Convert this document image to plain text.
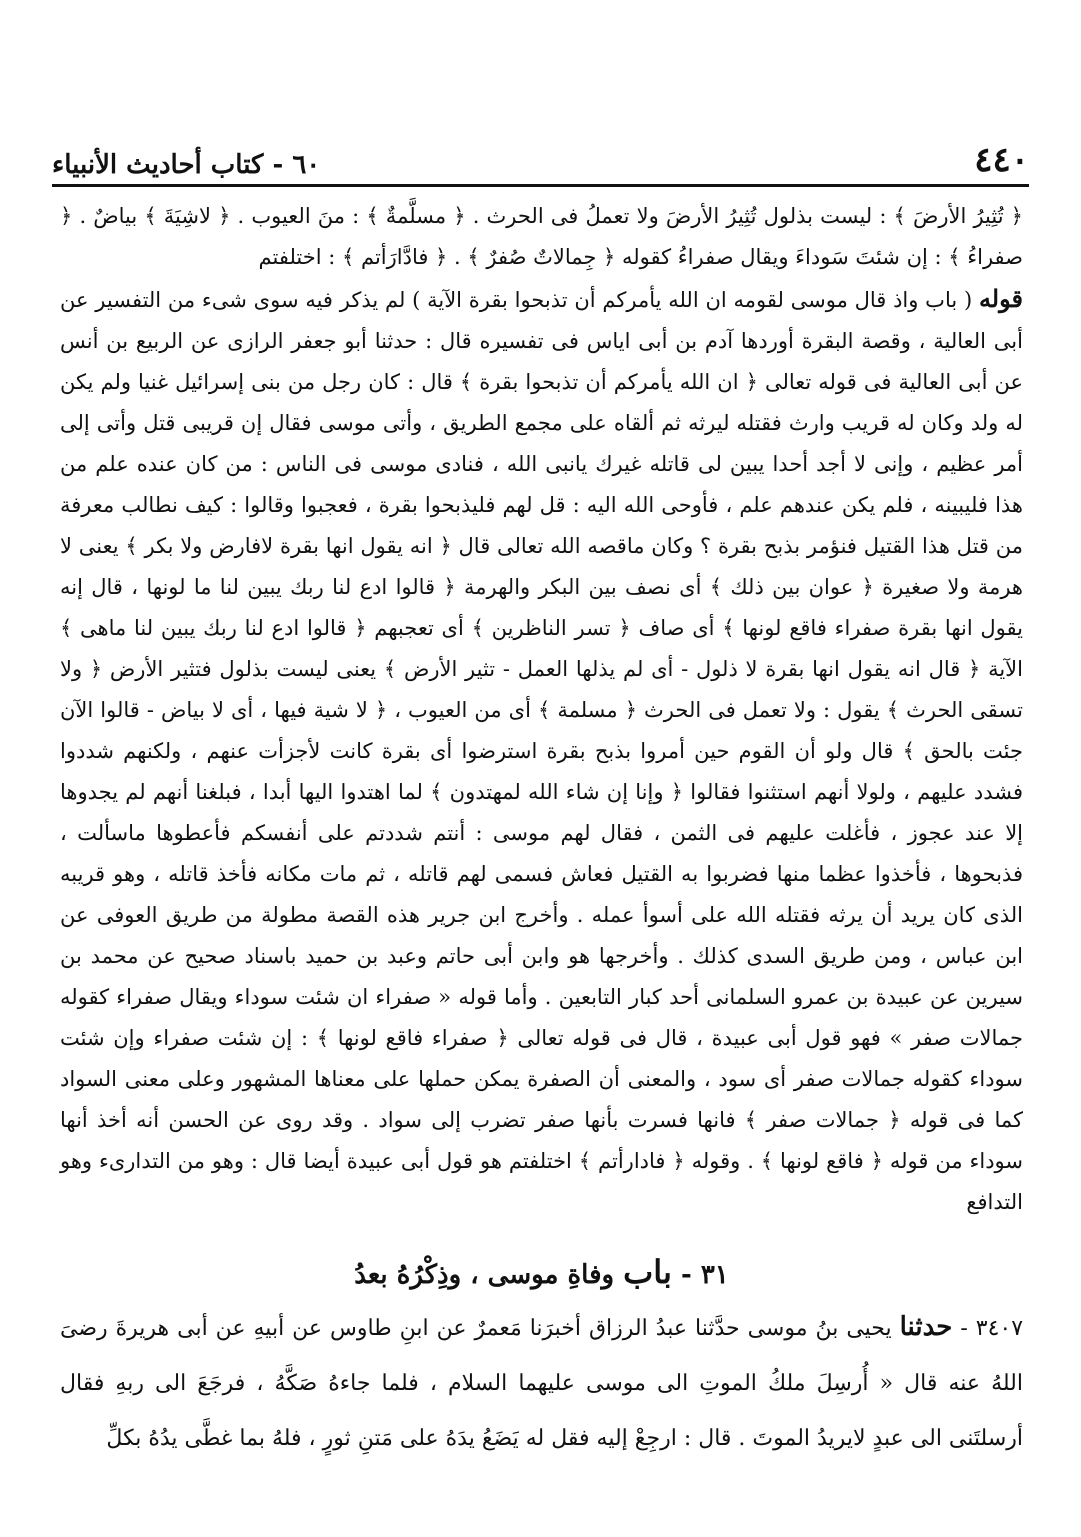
٤٤٠
٦٠ - كتاب أحاديث الأنبياء

﴿ تُثِيرُ الأرضَ ﴾ : ليست بذلول تُثِيرُ الأرضَ ولا تعملُ فى الحرث . ﴿ مسلَّمةٌ ﴾ : منَ العيوب . ﴿ لاشِيَةَ ﴾ بياضٌ . ﴿ صفراءُ ﴾ : إن شئتَ سَوداءَ ويقال صفراءُ كقوله ﴿ جِمالاتٌ صُفرٌ ﴾ . ﴿ فادَّارَأتم ﴾ : اختلفتم

قوله ( باب واذ قال موسى لقومه ان الله يأمركم أن تذبحوا بقرة الآية ) لم يذكر فيه سوى شىء من التفسير عن أبى العالية ، وقصة البقرة أوردها آدم بن أبى اياس فى تفسيره قال : حدثنا أبو جعفر الرازى عن الربيع بن أنس عن أبى العالية فى قوله تعالى ﴿ ان الله يأمركم أن تذبحوا بقرة ﴾ قال : كان رجل من بنى إسرائيل غنيا ولم يكن له ولد وكان له قريب وارث فقتله ليرثه ثم ألقاه على مجمع الطريق ، وأتى موسى فقال إن قريبى قتل وأتى إلى أمر عظيم ، وإنى لا أجد أحدا يبين لى قاتله غيرك يانبى الله ، فنادى موسى فى الناس : من كان عنده علم من هذا فليبينه ، فلم يكن عندهم علم ، فأوحى الله اليه : قل لهم فليذبحوا بقرة ، فعجبوا وقالوا : كيف نطالب معرفة من قتل هذا القتيل فنؤمر بذبح بقرة ؟ وكان ماقصه الله تعالى قال ﴿ انه يقول انها بقرة لافارض ولا بكر ﴾ يعنى لا هرمة ولا صغيرة ﴿ عوان بين ذلك ﴾ أى نصف بين البكر والهرمة ﴿ قالوا ادع لنا ربك يبين لنا ما لونها ، قال إنه يقول انها بقرة صفراء فاقع لونها ﴾ أى صاف ﴿ تسر الناظرين ﴾ أى تعجبهم ﴿ قالوا ادع لنا ربك يبين لنا ماهى ﴾ الآية ﴿ قال انه يقول انها بقرة لا ذلول - أى لم يذلها العمل - تثير الأرض ﴾ يعنى ليست بذلول فتثير الأرض ﴿ ولا تسقى الحرث ﴾ يقول : ولا تعمل فى الحرث ﴿ مسلمة ﴾ أى من العيوب ، ﴿ لا شية فيها ، أى لا بياض - قالوا الآن جئت بالحق ﴾ قال ولو أن القوم حين أمروا بذبح بقرة استرضوا أى بقرة كانت لأجزأت عنهم ، ولكنهم شددوا فشدد عليهم ، ولولا أنهم استثنوا فقالوا ﴿ وإنا إن شاء الله لمهتدون ﴾ لما اهتدوا اليها أبدا ، فبلغنا أنهم لم يجدوها إلا عند عجوز ، فأغلت عليهم فى الثمن ، فقال لهم موسى : أنتم شددتم على أنفسكم فأعطوها ماسألت ، فذبحوها ، فأخذوا عظما منها فضربوا به القتيل فعاش فسمى لهم قاتله ، ثم مات مكانه فأخذ قاتله ، وهو قريبه الذى كان يريد أن يرثه فقتله الله على أسوأ عمله . وأخرج ابن جرير هذه القصة مطولة من طريق العوفى عن ابن عباس ، ومن طريق السدى كذلك . وأخرجها هو وابن أبى حاتم وعبد بن حميد باسناد صحيح عن محمد بن سيرين عن عبيدة بن عمرو السلمانى أحد كبار التابعين . وأما قوله « صفراء ان شئت سوداء ويقال صفراء كقوله جمالات صفر » فهو قول أبى عبيدة ، قال فى قوله تعالى ﴿ صفراء فاقع لونها ﴾ : إن شئت صفراء وإن شئت سوداء كقوله جمالات صفر أى سود ، والمعنى أن الصفرة يمكن حملها على معناها المشهور وعلى معنى السواد كما فى قوله ﴿ جمالات صفر ﴾ فانها فسرت بأنها صفر تضرب إلى سواد . وقد روى عن الحسن أنه أخذ أنها سوداء من قوله ﴿ فاقع لونها ﴾ . وقوله ﴿ فادارأتم ﴾ اختلفتم هو قول أبى عبيدة أيضا قال : وهو من التدارىء وهو التدافع

٣١ - باب وفاةِ موسى ، وذِكْرُهُ بعدُ

٣٤٠٧ - حدثنا يحيى بنُ موسى حدَّثنا عبدُ الرزاق أخبرَنا مَعمرٌ عن ابنِ طاوس عن أبيهِ عن أبى هريرةَ رضىَ اللهُ عنه قال « أُرسِلَ ملكُ الموتِ الى موسى عليهما السلام ، فلما جاءهُ صَكَّهُ ، فرجَعَ الى ربهِ فقال أرسلتَنى الى عبدٍ لايريدُ الموتَ . قال : ارجِعْ إليه فقل له يَضَعُ يدَهُ على مَتنِ ثورٍ ، فلهُ بما غطَّى يدُهُ بكلِّ
